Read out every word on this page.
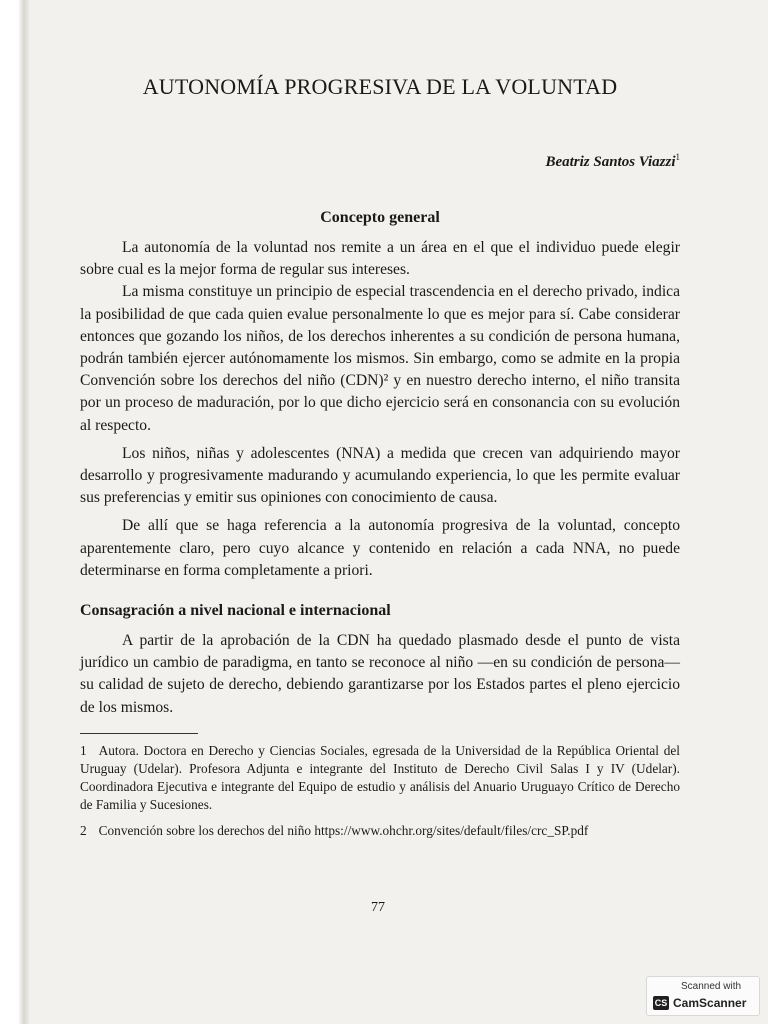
AUTONOMÍA PROGRESIVA DE LA VOLUNTAD
Beatriz Santos Viazzi$^1$
Concepto general

La autonomía de la voluntad nos remite a un área en el que el individuo puede elegir sobre cual es la mejor forma de regular sus intereses.

La misma constituye un principio de especial trascendencia en el derecho privado, indica la posibilidad de que cada quien evalue personalmente lo que es mejor para sí. Cabe considerar entonces que gozando los niños, de los derechos inherentes a su condición de persona humana, podrán también ejercer autónomamente los mismos. Sin embargo, como se admite en la propia Convención sobre los derechos del niño (CDN)² y en nuestro derecho interno, el niño transita por un proceso de maduración, por lo que dicho ejercicio será en consonancia con su evolución al respecto.

Los niños, niñas y adolescentes (NNA) a medida que crecen van adquiriendo mayor desarrollo y progresivamente madurando y acumulando experiencia, lo que les permite evaluar sus preferencias y emitir sus opiniones con conocimiento de causa.

De allí que se haga referencia a la autonomía progresiva de la voluntad, concepto aparentemente claro, pero cuyo alcance y contenido en relación a cada NNA, no puede determinarse en forma completamente a priori.

Consagración a nivel nacional e internacional

A partir de la aprobación de la CDN ha quedado plasmado desde el punto de vista jurídico un cambio de paradigma, en tanto se reconoce al niño —en su condición de persona— su calidad de sujeto de derecho, debiendo garantizarse por los Estados partes el pleno ejercicio de los mismos.

1 Autora. Doctora en Derecho y Ciencias Sociales, egresada de la Universidad de la República Oriental del Uruguay (Udelar). Profesora Adjunta e integrante del Instituto de Derecho Civil Salas I y IV (Udelar). Coordinadora Ejecutiva e integrante del Equipo de estudio y análisis del Anuario Uruguayo Crítico de Derecho de Familia y Sucesiones.
2 Convención sobre los derechos del niño https://www.ohchr.org/sites/default/files/crc_SP.pdf
77
Scanned with
CS CamScanner
